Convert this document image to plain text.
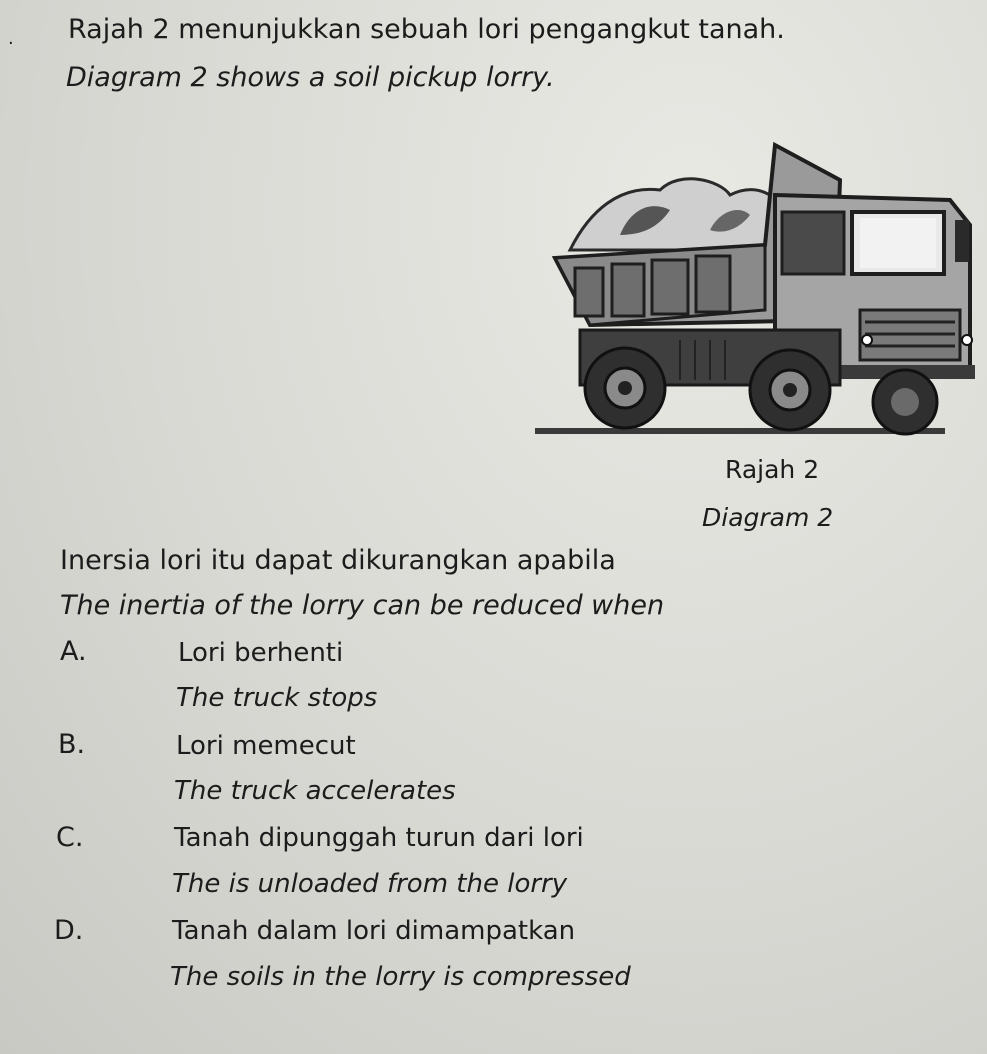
. Rajah 2 menunjukkan sebuah lori pengangkut tanah.
Diagram 2 shows a soil pickup lorry.
Rajah 2
Diagram 2
Inersia lori itu dapat dikurangkan apabila
The inertia of the lorry can be reduced when
A.	Lori berhenti
The truck stops
B.	Lori memecut
The truck accelerates
C.	Tanah dipunggah turun dari lori
The is unloaded from the lorry
D.	Tanah dalam lori dimampatkan
The soils in the lorry is compressed
